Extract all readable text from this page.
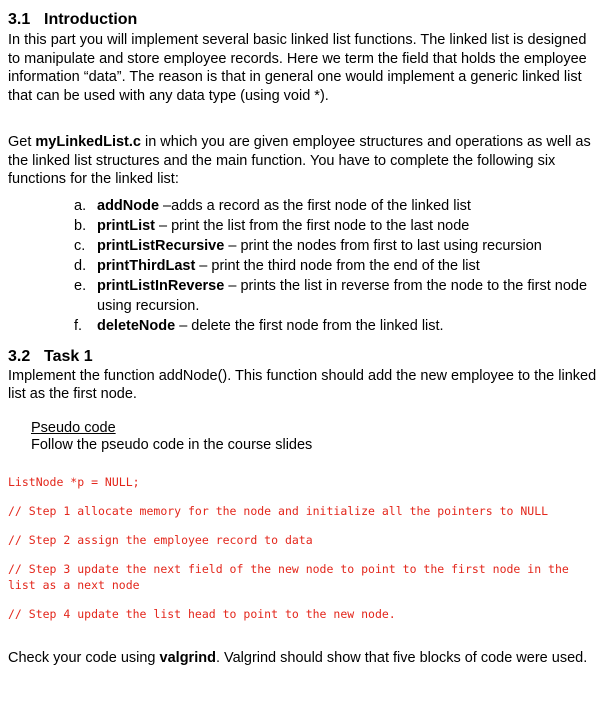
3.1 Introduction

In this part you will implement several basic linked list functions. The linked list is designed to manipulate and store employee records. Here we term the field that holds the employee information “data”. The reason is that in general one would implement a generic linked list that can be used with any data type (using void *).

Get myLinkedList.c in which you are given employee structures and operations as well as the linked list structures and the main function. You have to complete the following six functions for the linked list:

a. addNode –adds a record as the first node of the linked list
b. printList – print the list from the first node to the last node
c. printListRecursive – print the nodes from first to last using recursion
d. printThirdLast – print the third node from the end of the list
e. printListInReverse – prints the list in reverse from the node to the first node using recursion.
f. deleteNode – delete the first node from the linked list.
3.2 Task 1

Implement the function addNode(). This function should add the new employee to the linked list as the first node.

Pseudo code
Follow the pseudo code in the course slides
ListNode *p = NULL;
// Step 1 allocate memory for the node and initialize all the pointers to NULL
// Step 2 assign the employee record to data
// Step 3 update the next field of the new node to point to the first node in the list as a next node
// Step 4 update the list head to point to the new node.

Check your code using valgrind. Valgrind should show that five blocks of code were used.
